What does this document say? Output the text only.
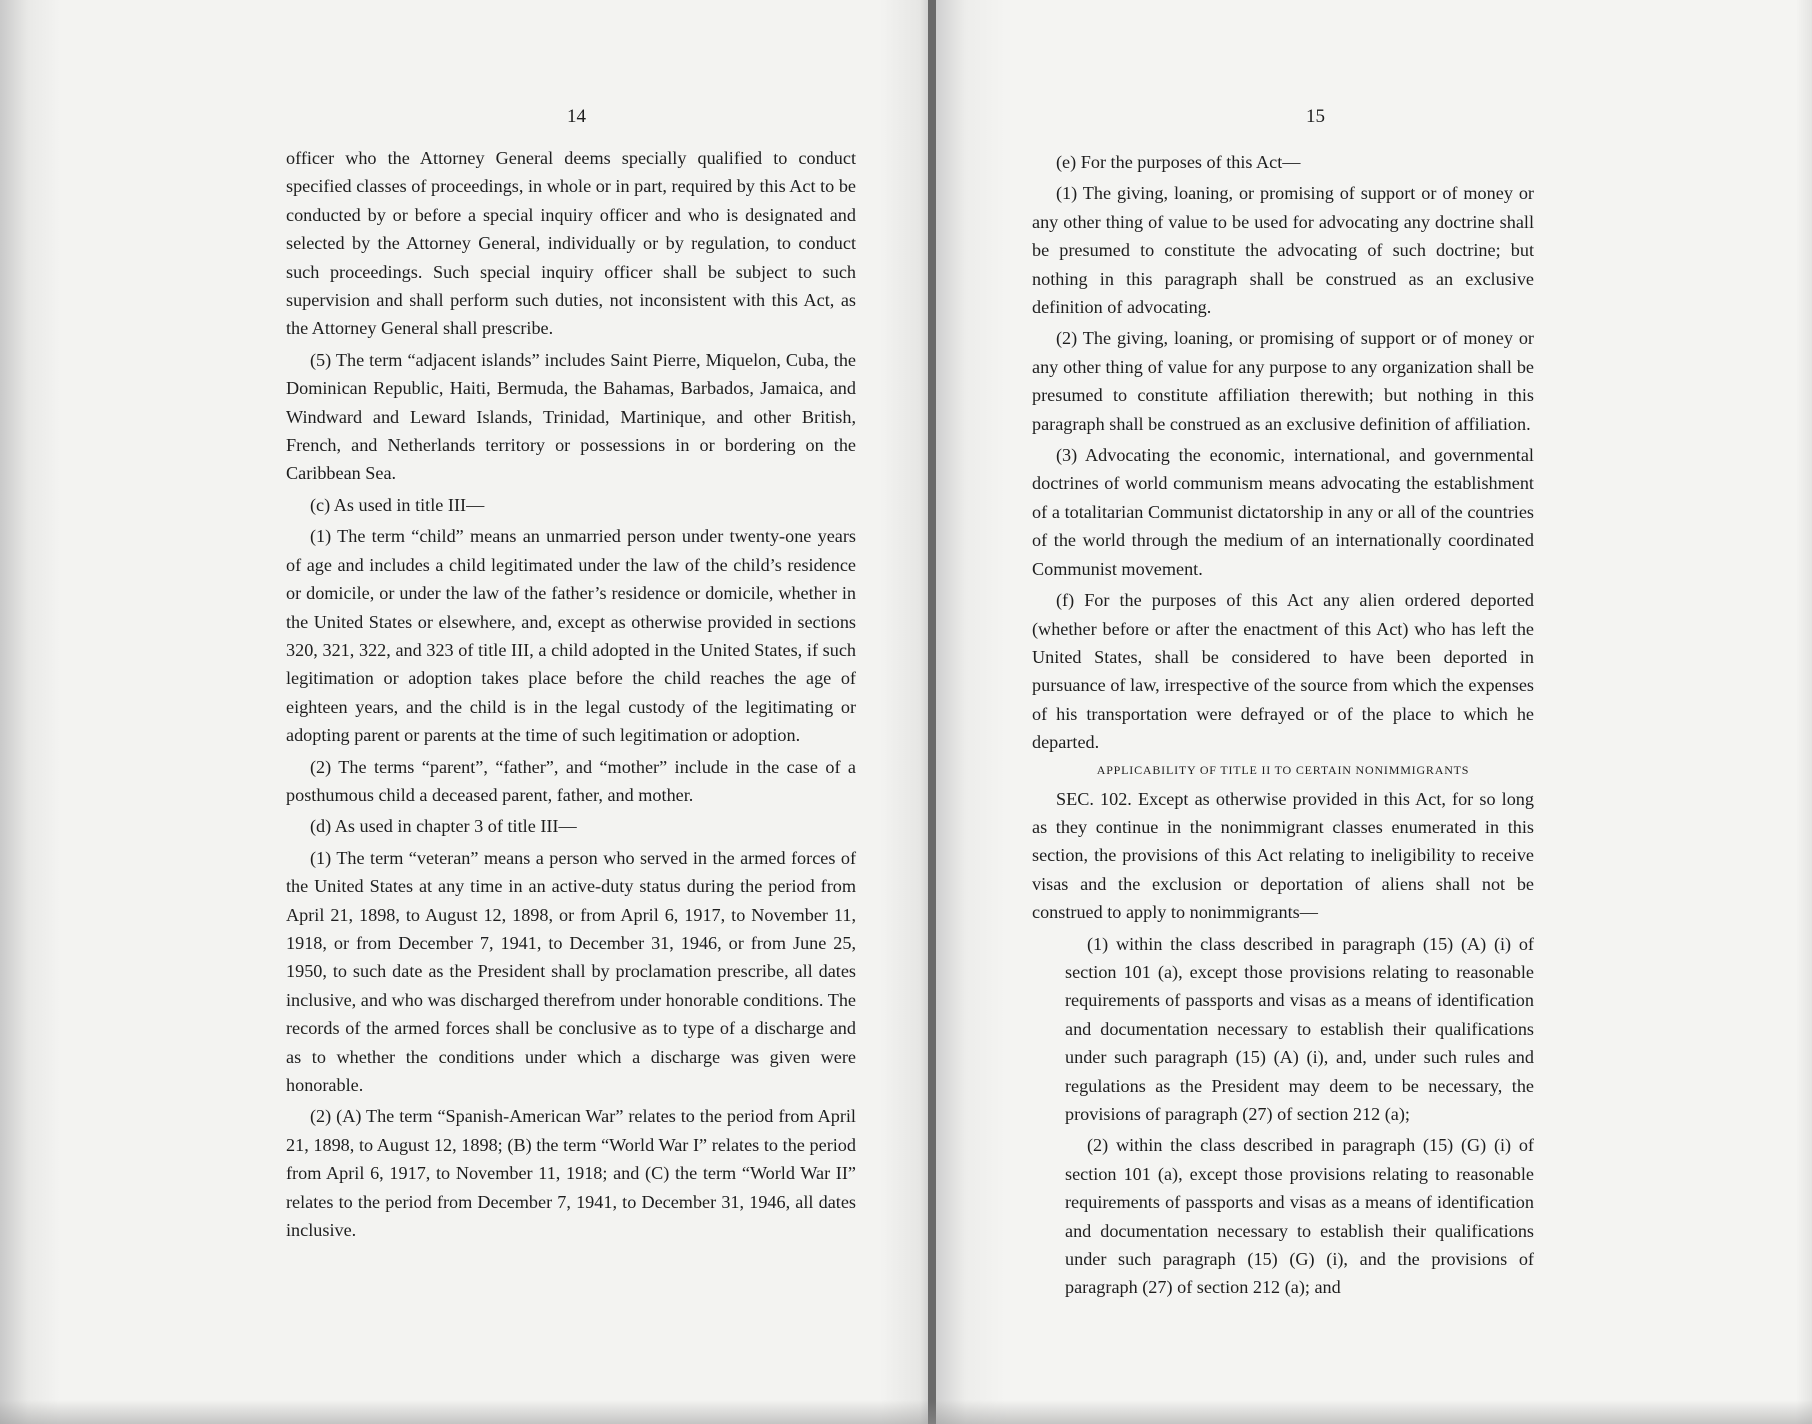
14

officer who the Attorney General deems specially qualified to conduct specified classes of proceedings, in whole or in part, required by this Act to be conducted by or before a special inquiry officer and who is designated and selected by the Attorney General, individually or by regulation, to conduct such proceedings. Such special inquiry officer shall be subject to such supervision and shall perform such duties, not inconsistent with this Act, as the Attorney General shall prescribe.

(5) The term “adjacent islands” includes Saint Pierre, Miquelon, Cuba, the Dominican Republic, Haiti, Bermuda, the Bahamas, Barbados, Jamaica, and Windward and Leward Islands, Trinidad, Martinique, and other British, French, and Netherlands territory or possessions in or bordering on the Caribbean Sea.

(c) As used in title III—

(1) The term “child” means an unmarried person under twenty-one years of age and includes a child legitimated under the law of the child’s residence or domicile, or under the law of the father’s residence or domicile, whether in the United States or elsewhere, and, except as otherwise provided in sections 320, 321, 322, and 323 of title III, a child adopted in the United States, if such legitimation or adoption takes place before the child reaches the age of eighteen years, and the child is in the legal custody of the legitimating or adopting parent or parents at the time of such legitimation or adoption.

(2) The terms “parent”, “father”, and “mother” include in the case of a posthumous child a deceased parent, father, and mother.

(d) As used in chapter 3 of title III—

(1) The term “veteran” means a person who served in the armed forces of the United States at any time in an active-duty status during the period from April 21, 1898, to August 12, 1898, or from April 6, 1917, to November 11, 1918, or from December 7, 1941, to December 31, 1946, or from June 25, 1950, to such date as the President shall by proclamation prescribe, all dates inclusive, and who was discharged therefrom under honorable conditions. The records of the armed forces shall be conclusive as to type of a discharge and as to whether the conditions under which a discharge was given were honorable.

(2) (A) The term “Spanish-American War” relates to the period from April 21, 1898, to August 12, 1898; (B) the term “World War I” relates to the period from April 6, 1917, to November 11, 1918; and (C) the term “World War II” relates to the period from December 7, 1941, to December 31, 1946, all dates inclusive.

15

(e) For the purposes of this Act—

(1) The giving, loaning, or promising of support or of money or any other thing of value to be used for advocating any doctrine shall be presumed to constitute the advocating of such doctrine; but nothing in this paragraph shall be construed as an exclusive definition of advocating.

(2) The giving, loaning, or promising of support or of money or any other thing of value for any purpose to any organization shall be presumed to constitute affiliation therewith; but nothing in this paragraph shall be construed as an exclusive definition of affiliation.

(3) Advocating the economic, international, and governmental doctrines of world communism means advocating the establishment of a totalitarian Communist dictatorship in any or all of the countries of the world through the medium of an internationally coordinated Communist movement.

(f) For the purposes of this Act any alien ordered deported (whether before or after the enactment of this Act) who has left the United States, shall be considered to have been deported in pursuance of law, irrespective of the source from which the expenses of his transportation were defrayed or of the place to which he departed.

APPLICABILITY OF TITLE II TO CERTAIN NONIMMIGRANTS

SEC. 102. Except as otherwise provided in this Act, for so long as they continue in the nonimmigrant classes enumerated in this section, the provisions of this Act relating to ineligibility to receive visas and the exclusion or deportation of aliens shall not be construed to apply to nonimmigrants—

(1) within the class described in paragraph (15) (A) (i) of section 101 (a), except those provisions relating to reasonable requirements of passports and visas as a means of identification and documentation necessary to establish their qualifications under such paragraph (15) (A) (i), and, under such rules and regulations as the President may deem to be necessary, the provisions of paragraph (27) of section 212 (a);

(2) within the class described in paragraph (15) (G) (i) of section 101 (a), except those provisions relating to reasonable requirements of passports and visas as a means of identification and documentation necessary to establish their qualifications under such paragraph (15) (G) (i), and the provisions of paragraph (27) of section 212 (a); and
